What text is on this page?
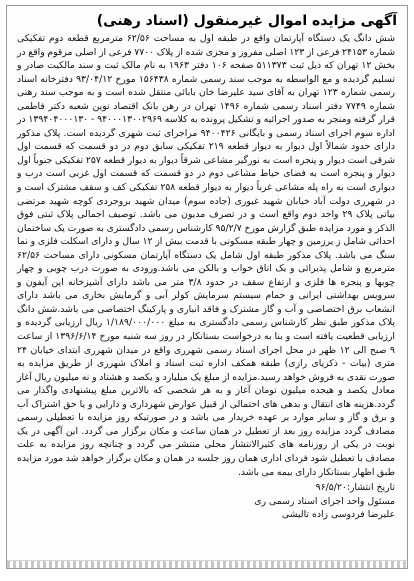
آگهی مزایده اموال غیرمنقول (اسناد رهنی)
شش دانگ یک دستگاه آپارتمان واقع در طبقه اول به مساحت ۶۲/۵۶ مترمربع قطعه دوم تفکیکی شماره ۲۴۱۵۳ فرعی از ۱۲۳ اصلی مفروز و مجزی شده از پلاک ۷۷۰۰ فرعی از اصلی مرقوم واقع در بخش ۱۲ تهران که ذیل ثبت ۵۱۱۳۷۳ صفحه ۱۰۶ دفتر ۱۹۶۳ به نام مالک ثبت و سند مالکیت صادر و تسلیم گردیده و مع الواسطه به موجب سند رسمی شماره ۱۵۶۴۳۸ مورخ ۹۳/۰۴/۱۲ دفترخانه اسناد رسمی شماره ۱۲۳ تهران به آقای سید علیرضا خان بابائی منتقل شده است و به موجب سند رهنی شماره ۷۷۴۹ دفتر اسناد رسمی شماره ۱۴۹۶ تهران در رهن بانک اقتصاد نوین شعبه دکتر فاطمی قرار گرفته ومنجر به صدور اجرائیه و تشکیل پرونده به کلاسه ۹۴۰۰۰۱۳۰۰۲۹۶۹ - ۱۳۹۴۰۴۰۰۰۱۳۰ در اداره سوم اجرای اسناد رسمی و بایگانی ۹۴۰۰۴۲۶ مراجرای ثبت شهری گردیده است. پلاک مذکور دارای حدود شمالاً اول دیوار به دیوار قطعه ۲۱۹ تفکیکی سابق دوم در دو قسمت که قسمت اول شرقی است دیوار و پنجره است به نورگیر مشاعی شرقاً دیوار به دیوار قطعه ۲۵۷ تفکیکی جنوباً اول دیوار و پنجره است به فضای حیاط مشاعی دوم در دو قسمت که قسمت اول غربی است درب و دیواری است به راه پله مشاعی غرباً دیوار به دیوار قطعه ۲۵۸ تفکیکی کف و سقف مشترک است و در شهرری دولت آباد خیابان شهید غیوری (جاده سوم) میدان شهید بروجردی کوچه شهید مرتضی بیاتی پلاک ۲۹ واحد دوم واقع است و در تصرف مدیون می باشد. توصیف اجمالی پلاک ثبتی فوق الذکر و مورد مزایده طبق گزارش مورخ ۹۵/۲/۷ کارشناس رسمی دادگستری به صورت یک ساختمان احداثی شامل ز یرزمین و چهار طبقه مسکونی با قدمت بیش از ۱۲ سال و دارای اسکلت فلزی و نما سنگ می باشد. پلاک مذکور طبقه اول شامل یک دستگاه آپارتمان مسکونی دارای مساحت ۶۲/۵۶ مترمربع و شامل پذیرائی و یک اتاق خواب و بالکن می باشد.ورودی به صورت درب چوبی و چهار چوبها و پنجره ها فلزی و ارتفاع سقف در حدود ۳/۸ متر می باشد دارای آشپزخانه اپن آیفون و سرویس بهداشتی ایرانی و حمام سیستم سرمایش کولر آبی و گرمایش بخاری می باشد دارای انشعاب برق اختصاصی و آب و گاز مشترک و فاقد انباری و پارکینگ اختصاصی می باشد.شش دانگ پلاک مذکور طبق نظر کارشناس رسمی دادگستری به مبلغ ۱/۱۸۹/۰۰۰/۰۰۰ ریال ارزیابی گردیده و ارزیابی قطعیت یافته است و بنا به درخواست بستانکار در روز سه شنبه مورخ ۱۳۹۶/۶/۱۴ از ساعت ۹ صبح الی ۱۲ ظهر در محل اجرای اسناد رسمی شهرری واقع در میدان شهرری ابتدای خیابان ۲۴ متری (بیات - ذکریای رازی) طبقه همکف اداره ثبت اسناد و املاک شهرری از طریق مزایده به صورت نقدی به فروش خواهد رسید.مزایده از مبلغ یک میلیارد و یکصد و هشتاد و نه میلیون ریال آغاز معادل یکصد و هیجده میلیون تومان آغاز و به هر شخصی که بالاترین مبلغ پیشنهادی واگذار می گردد.هزینه های انتقال و بدهی های احتمالی از قبیل عوارض شهرداری و دارایی و یا حق اشتراک آب و برق و گاز و سایر موارد بر عهده خریدار می باشد و در صورتیکه روز مزایده با تعطیلی رسمی مصادف گردد مزایده روز بعد از تعطیل در همان ساعت و مکان برگزار می گردد. این آگهی در یک نوبت در یکی از روزنامه های کثیرالانتشار محلی منتشر می گردد و چنانچه روز مزایده به علت مصادف با تعطیل شود فردای اداری همان روز جلسه در همان و مکان برگزار خواهد شد مورد مزایده طبق اظهار بستانکار دارای بیمه می باشد.
تاریخ انتشار:۹۶/۵/۲۰
مسئول واحد اجرای اسناد رسمی ری
علیرضا فردوسی زاده تالیشی
